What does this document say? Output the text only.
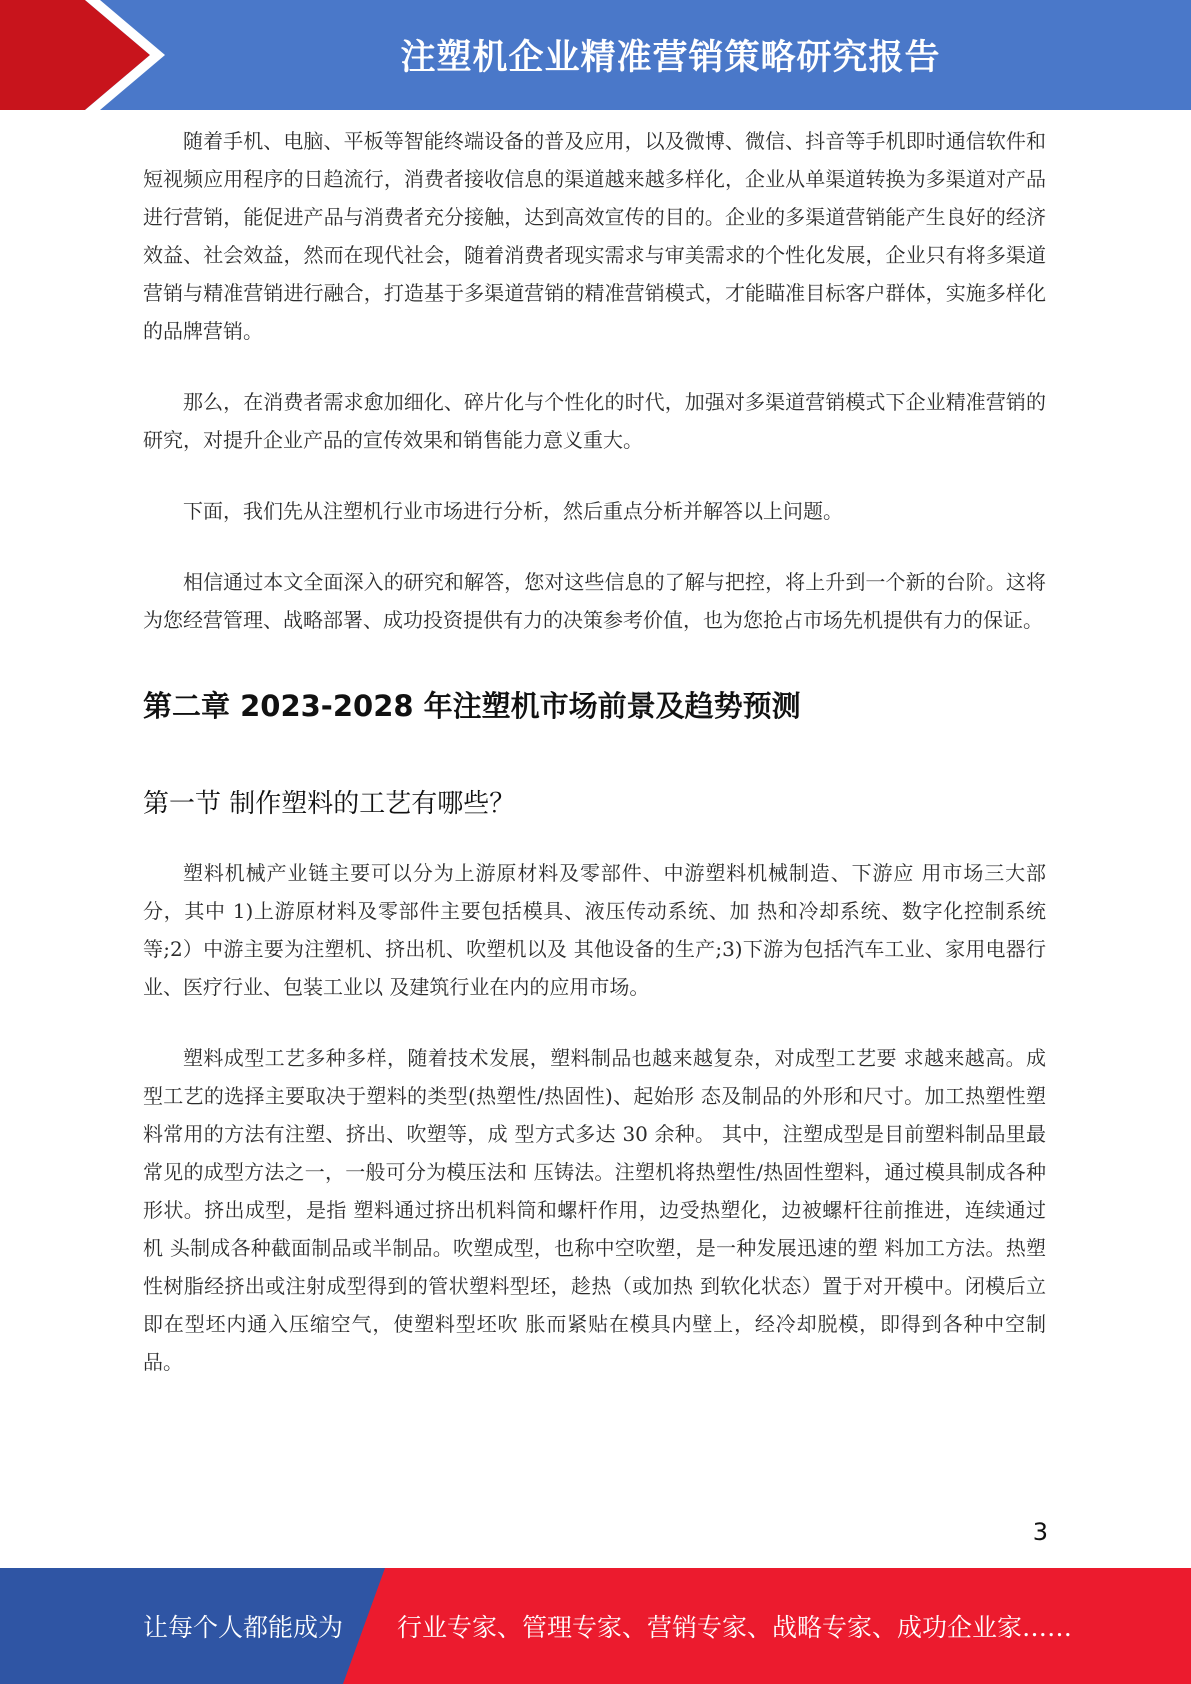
注塑机企业精准营销策略研究报告

随着手机、电脑、平板等智能终端设备的普及应用，以及微博、微信、抖音等手机即时通信软件和短视频应用程序的日趋流行，消费者接收信息的渠道越来越多样化，企业从单渠道转换为多渠道对产品进行营销，能促进产品与消费者充分接触，达到高效宣传的目的。企业的多渠道营销能产生良好的经济效益、社会效益，然而在现代社会，随着消费者现实需求与审美需求的个性化发展，企业只有将多渠道营销与精准营销进行融合，打造基于多渠道营销的精准营销模式，才能瞄准目标客户群体，实施多样化的品牌营销。

那么，在消费者需求愈加细化、碎片化与个性化的时代，加强对多渠道营销模式下企业精准营销的研究，对提升企业产品的宣传效果和销售能力意义重大。

下面，我们先从注塑机行业市场进行分析，然后重点分析并解答以上问题。

相信通过本文全面深入的研究和解答，您对这些信息的了解与把控，将上升到一个新的台阶。这将为您经营管理、战略部署、成功投资提供有力的决策参考价值，也为您抢占市场先机提供有力的保证。

第二章 2023-2028 年注塑机市场前景及趋势预测
第一节 制作塑料的工艺有哪些？

塑料机械产业链主要可以分为上游原材料及零部件、中游塑料机械制造、下游应 用市场三大部分，其中 1)上游原材料及零部件主要包括模具、液压传动系统、加 热和冷却系统、数字化控制系统等;2）中游主要为注塑机、挤出机、吹塑机以及 其他设备的生产;3)下游为包括汽车工业、家用电器行业、医疗行业、包装工业以 及建筑行业在内的应用市场。

塑料成型工艺多种多样，随着技术发展，塑料制品也越来越复杂，对成型工艺要 求越来越高。成型工艺的选择主要取决于塑料的类型(热塑性/热固性)、起始形 态及制品的外形和尺寸。加工热塑性塑料常用的方法有注塑、挤出、吹塑等，成 型方式多达 30 余种。 其中，注塑成型是目前塑料制品里最常见的成型方法之一，一般可分为模压法和 压铸法。注塑机将热塑性/热固性塑料，通过模具制成各种形状。挤出成型，是指 塑料通过挤出机料筒和螺杆作用，边受热塑化，边被螺杆往前推进，连续通过机 头制成各种截面制品或半制品。吹塑成型，也称中空吹塑，是一种发展迅速的塑 料加工方法。热塑性树脂经挤出或注射成型得到的管状塑料型坯，趁热（或加热 到软化状态）置于对开模中。闭模后立即在型坯内通入压缩空气，使塑料型坯吹 胀而紧贴在模具内壁上，经冷却脱模，即得到各种中空制品。

3
让每个人都能成为 行业专家、管理专家、营销专家、战略专家、成功企业家……
